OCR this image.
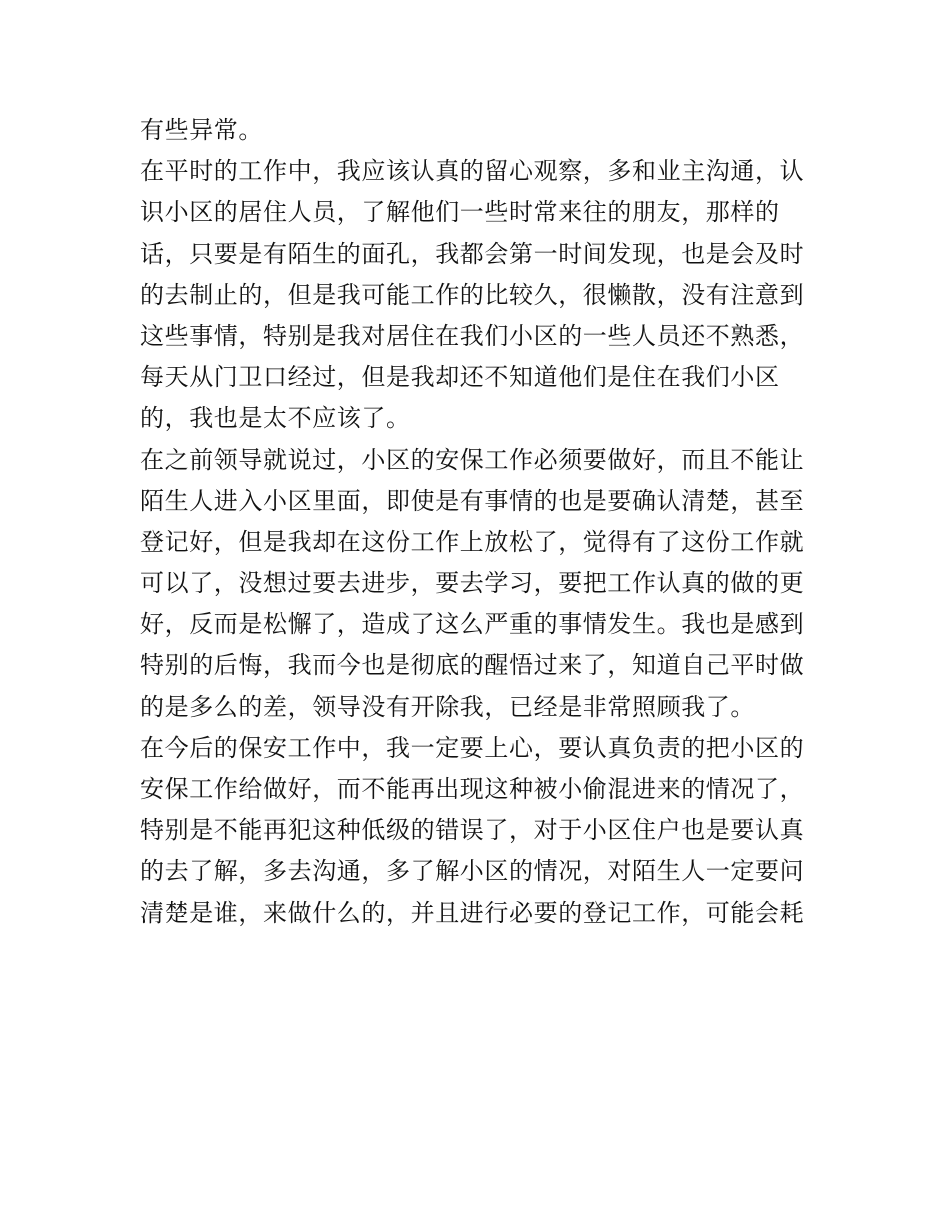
有些异常。
在平时的工作中，我应该认真的留心观察，多和业主沟通，认
识小区的居住人员，了解他们一些时常来往的朋友，那样的
话，只要是有陌生的面孔，我都会第一时间发现，也是会及时
的去制止的，但是我可能工作的比较久，很懒散，没有注意到
这些事情，特别是我对居住在我们小区的一些人员还不熟悉，
每天从门卫口经过，但是我却还不知道他们是住在我们小区
的，我也是太不应该了。
在之前领导就说过，小区的安保工作必须要做好，而且不能让
陌生人进入小区里面，即使是有事情的也是要确认清楚，甚至
登记好，但是我却在这份工作上放松了，觉得有了这份工作就
可以了，没想过要去进步，要去学习，要把工作认真的做的更
好，反而是松懈了，造成了这么严重的事情发生。我也是感到
特别的后悔，我而今也是彻底的醒悟过来了，知道自己平时做
的是多么的差，领导没有开除我，已经是非常照顾我了。
在今后的保安工作中，我一定要上心，要认真负责的把小区的
安保工作给做好，而不能再出现这种被小偷混进来的情况了，
特别是不能再犯这种低级的错误了，对于小区住户也是要认真
的去了解，多去沟通，多了解小区的情况，对陌生人一定要问
清楚是谁，来做什么的，并且进行必要的登记工作，可能会耗
